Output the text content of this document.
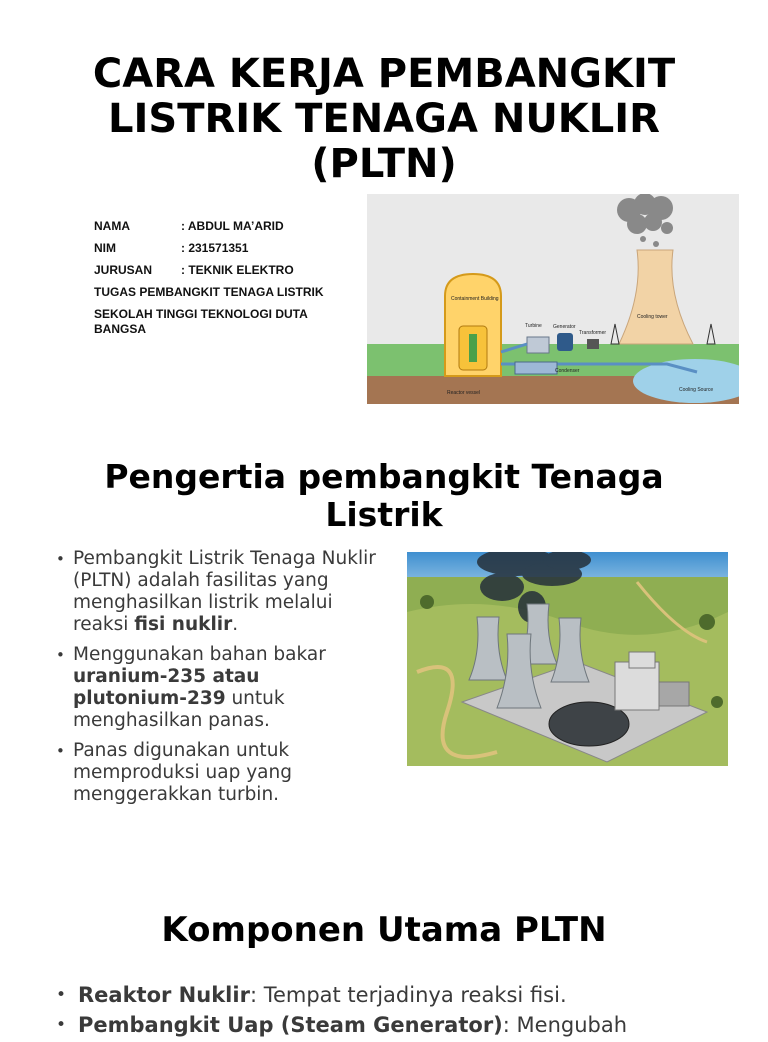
CARA KERJA PEMBANGKIT LISTRIK TENAGA NUKLIR (PLTN)
NAMA	: ABDUL MA’ARID
NIM	: 231571351
JURUSAN	: TEKNIK ELEKTRO
TUGAS PEMBANGKIT TENAGA LISTRIK
SEKOLAH TINGGI TEKNOLOGI DUTA BANGSA
Containment Building
Turbine Generator
Transformer
Cooling tower
Condenser
Reactor vessel	Cooling Source
Pengertia pembangkit Tenaga Listrik
• Pembangkit Listrik Tenaga Nuklir (PLTN) adalah fasilitas yang menghasilkan listrik melalui reaksi fisi nuklir.
• Menggunakan bahan bakar uranium-235 atau plutonium-239 untuk menghasilkan panas.
• Panas digunakan untuk memproduksi uap yang menggerakkan turbin.
Komponen Utama PLTN
• Reaktor Nuklir: Tempat terjadinya reaksi fisi.
• Pembangkit Uap (Steam Generator): Mengubah
